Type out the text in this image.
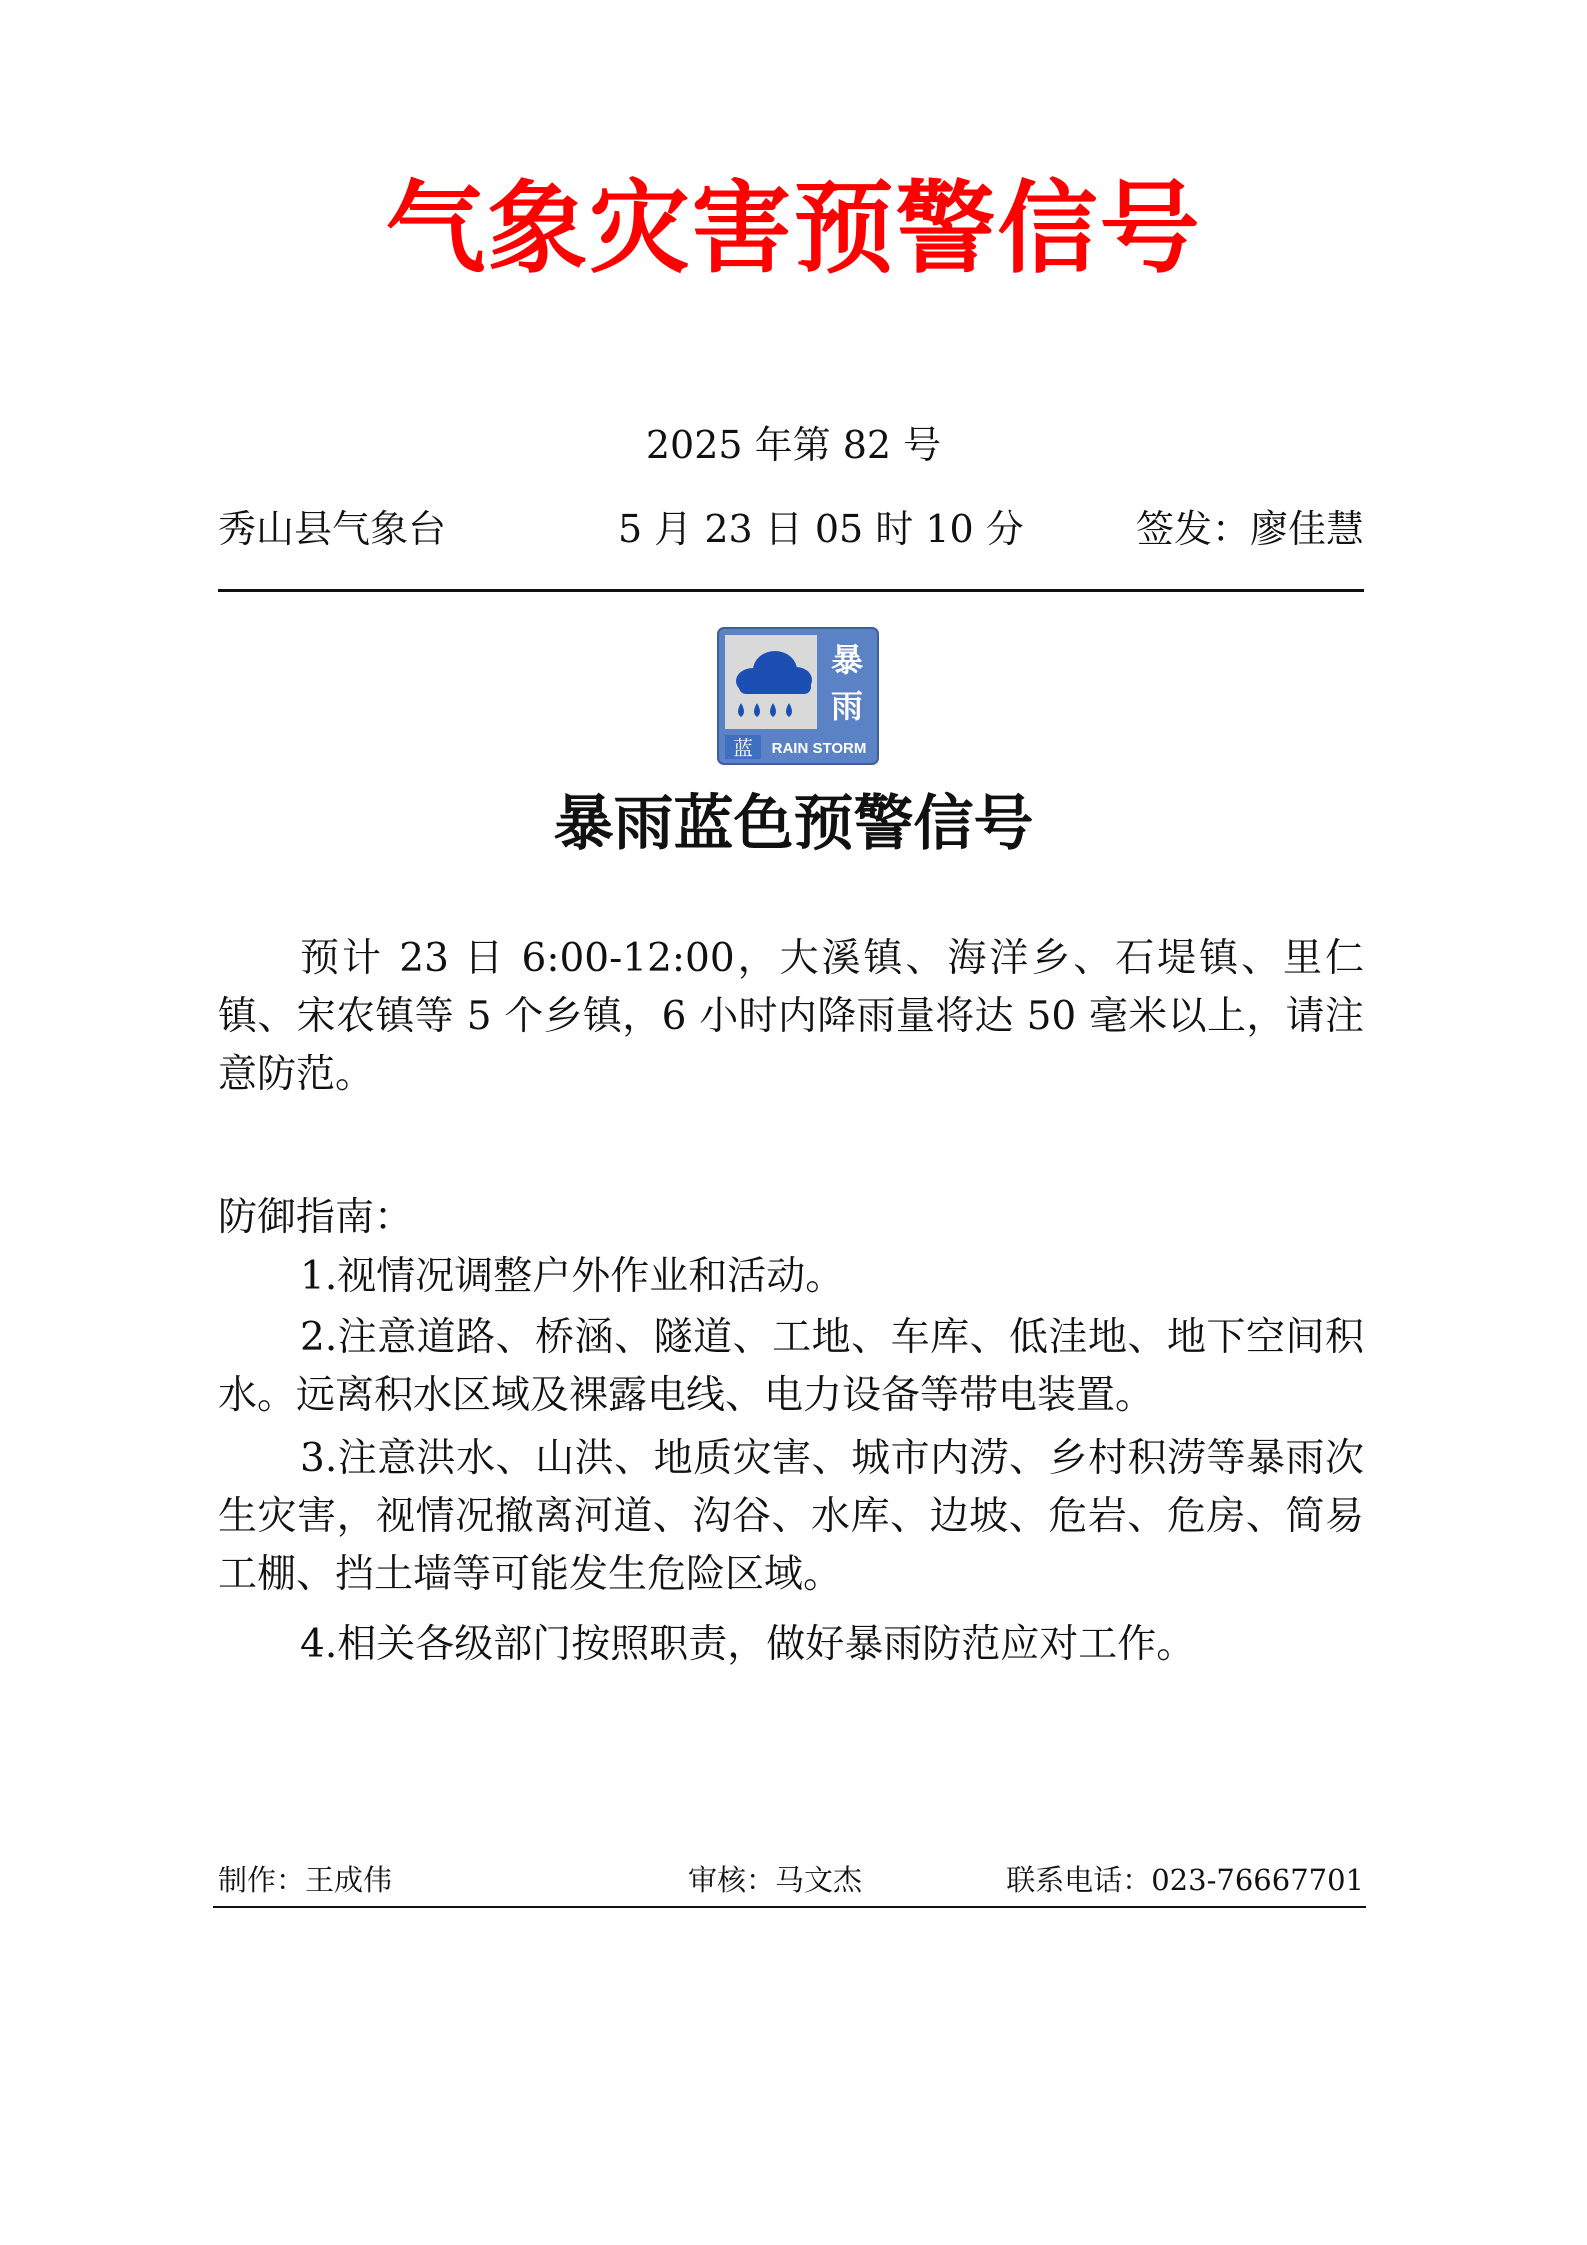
气象灾害预警信号
2025 年第 82 号
秀山县气象台	5 月 23 日 05 时 10 分	签发：廖佳慧
蓝
暴
雨
RAIN STORM
暴雨蓝色预警信号

预计 23 日 6:00-12:00，大溪镇、海洋乡、石堤镇、里仁镇、宋农镇等 5 个乡镇，6 小时内降雨量将达 50 毫米以上，请注意防范。

防御指南：

1.视情况调整户外作业和活动。

2.注意道路、桥涵、隧道、工地、车库、低洼地、地下空间积水。远离积水区域及裸露电线、电力设备等带电装置。

3.注意洪水、山洪、地质灾害、城市内涝、乡村积涝等暴雨次生灾害，视情况撤离河道、沟谷、水库、边坡、危岩、危房、简易工棚、挡土墙等可能发生危险区域。

4.相关各级部门按照职责，做好暴雨防范应对工作。

制作：王成伟	审核：马文杰	联系电话：023-76667701
